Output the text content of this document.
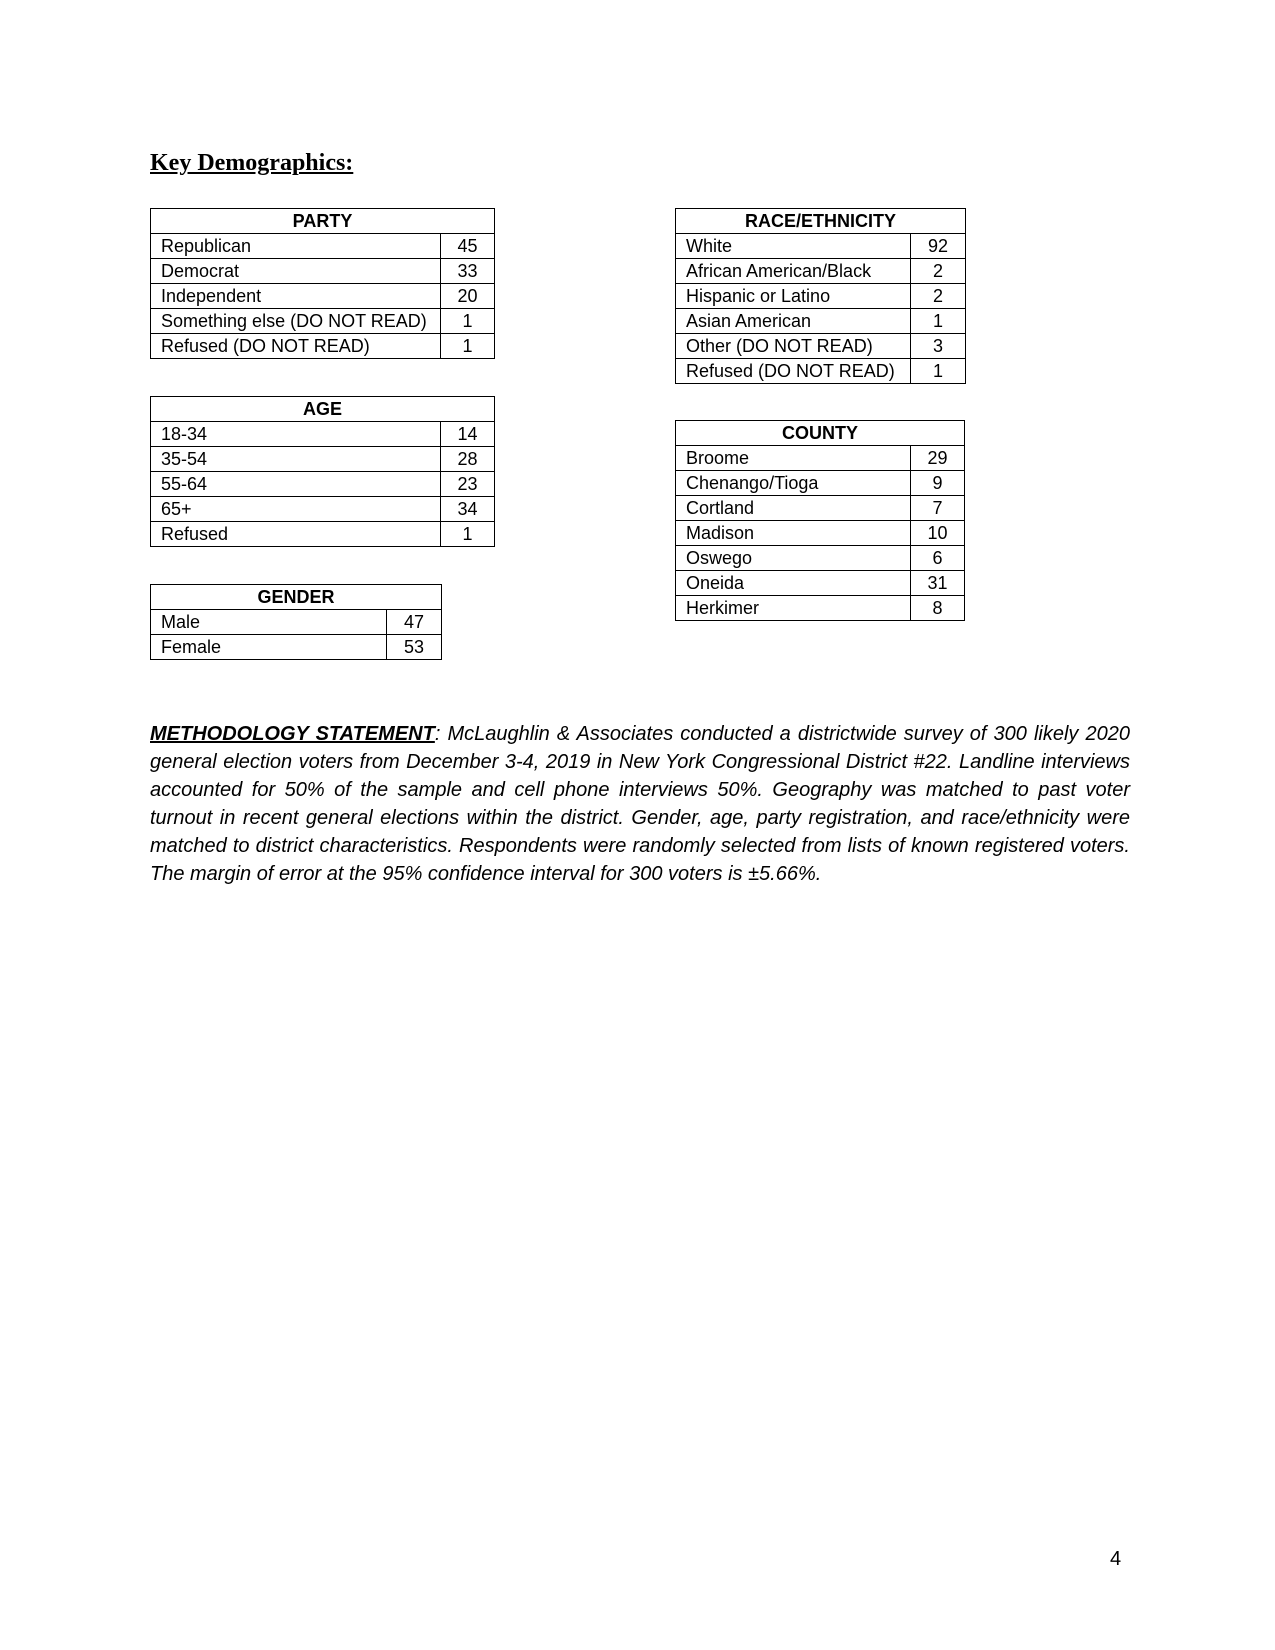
Key Demographics:
PARTY	
Republican	45
Democrat	33
Independent	20
Something else (DO NOT READ)	1
Refused (DO NOT READ)	1
AGE	
18-34	14
35-54	28
55-64	23
65+	34
Refused	1
GENDER	
Male	47
Female	53
RACE/ETHNICITY	
White	92
African American/Black	2
Hispanic or Latino	2
Asian American	1
Other (DO NOT READ)	3
Refused (DO NOT READ)	1
COUNTY	
Broome	29
Chenango/Tioga	9
Cortland	7
Madison	10
Oswego	6
Oneida	31
Herkimer	8

METHODOLOGY STATEMENT: McLaughlin & Associates conducted a districtwide survey of 300 likely 2020 general election voters from December 3-4, 2019 in New York Congressional District #22. Landline interviews accounted for 50% of the sample and cell phone interviews 50%. Geography was matched to past voter turnout in recent general elections within the district. Gender, age, party registration, and race/ethnicity were matched to district characteristics. Respondents were randomly selected from lists of known registered voters. The margin of error at the 95% confidence interval for 300 voters is ±5.66%.

4
